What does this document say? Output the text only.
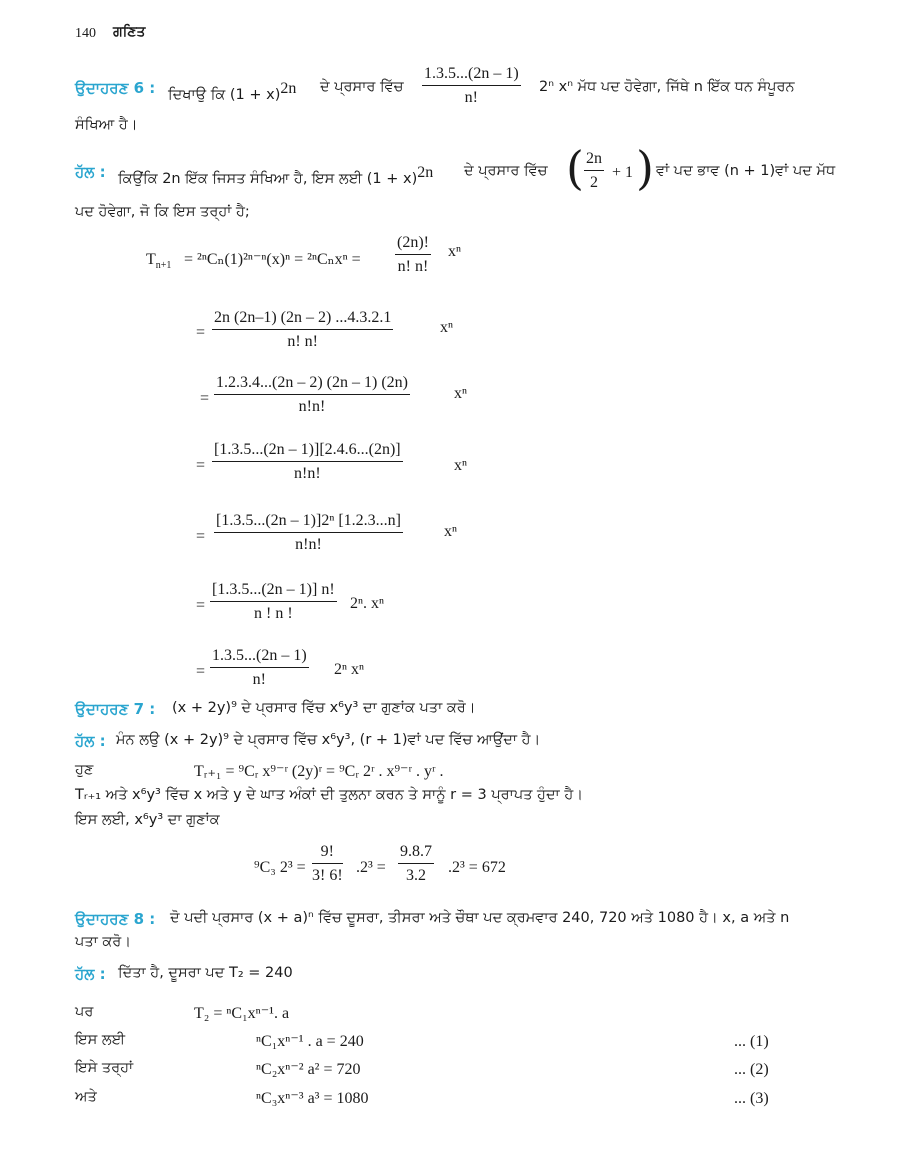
140 ਗਣਿਤ
ਉਦਾਹਰਣ 6 : ਦਿਖਾਉ ਕਿ $(1 + x)^{2n}$ ਦੇ ਪ੍ਰਸਾਰ ਵਿੱਚ $\frac{1.3.5...(2n - 1)}{n!} 2^n$ xⁿ ਮੱਧ ਪਦ ਹੋਵੇਗਾ, ਜਿੱਥੇ n ਇੱਕ ਧਨ ਸੰਪੂਰਨ
ਸੰਖਿਆ ਹੈ।
ਹੱਲ : ਕਿਉਂਕਿ 2n ਇੱਕ ਜਿਸਤ ਸੰਖਿਆ ਹੈ, ਇਸ ਲਈ $(1 + x)^{2n}$ ਦੇ ਪ੍ਰਸਾਰ ਵਿੱਚ ( $\frac{2n}{2} + 1$ ) ਵਾਂ ਪਦ ਭਾਵ (n + 1)ਵਾਂ ਪਦ ਮੱਧ
ਪਦ ਹੋਵੇਗਾ, ਜੋ ਕਿ ਇਸ ਤਰ੍ਹਾਂ ਹੈ;
$T_{n+1} = ^{2n}C_n(1)^{2n-n}(x)^n = ^{2n}C_nx^n = \frac{(2n)!}{n! n!}$ xⁿ
= $\frac{2n (2n-1) (2n - 2) ...4.3.2.1}{n! n!}$	xⁿ
= $\frac{1.2.3.4...(2n - 2) (2n - 1) (2n)}{n!n!}$	xⁿ
= $\frac{[1.3.5...(2n - 1)][2.4.6...(2n)]}{n!n!}$	xⁿ
= $\frac{\text{[1.3.5...(2n – 1)]2ⁿ [1.2.3...n]}}{n!n!}$	xⁿ
= $\frac{[1.3.5...(2n - 1)] n!}{n ! n !} 2^n$. xⁿ
= $\frac{1.3.5...(2n - 1)}{n!} 2^n$ xⁿ
ਉਦਾਹਰਣ 7 : (x + 2y)⁹ ਦੇ ਪ੍ਰਸਾਰ ਵਿੱਚ x⁶y³ ਦਾ ਗੁਣਾਂਕ ਪਤਾ ਕਰੋ।
ਹੱਲ : ਮੰਨ ਲਉ (x + 2y)⁹ ਦੇ ਪ੍ਰਸਾਰ ਵਿੱਚ x⁶y³, (r + 1)ਵਾਂ ਪਦ ਵਿੱਚ ਆਉਂਦਾ ਹੈ।
ਹੁਣ	Tᵣ₊₁ = ⁹Cᵣ x⁹⁻ʳ (2y)ʳ = ⁹Cᵣ 2ʳ . x⁹⁻ʳ . yʳ .
Tᵣ₊₁ ਅਤੇ x⁶y³ ਵਿੱਚ x ਅਤੇ y ਦੇ ਘਾਤ ਅੰਕਾਂ ਦੀ ਤੁਲਨਾ ਕਰਨ ਤੇ ਸਾਨੂੰ r = 3 ਪ੍ਰਾਪਤ ਹੁੰਦਾ ਹੈ।
ਇਸ ਲਈ, x⁶y³ ਦਾ ਗੁਣਾਂਕ
⁹C₃ $2^3 = \frac{9!}{3! 6!} .2^3 = \frac{9.8.7}{3.2} .2^3 = 672$
ਉਦਾਹਰਣ 8 : ਦੋ ਪਦੀ ਪ੍ਰਸਾਰ (x + a)ⁿ ਵਿੱਚ ਦੂਸਰਾ, ਤੀਸਰਾ ਅਤੇ ਚੌਥਾ ਪਦ ਕ੍ਰਮਵਾਰ 240, 720 ਅਤੇ 1080 ਹੈ। x, a ਅਤੇ n
ਪਤਾ ਕਰੋ।
ਹੱਲ : ਦਿੱਤਾ ਹੈ, ਦੂਸਰਾ ਪਦ T₂ = 240
ਪਰ	T₂ = ⁿC₁xⁿ⁻¹. a
ਇਸ ਲਈ	ⁿC₁xⁿ⁻¹ . a = 240	... (1)
ਇਸੇ ਤਰ੍ਹਾਂ	ⁿC₂xⁿ⁻² a² = 720	... (2)
ਅਤੇ	ⁿC₃xⁿ⁻³ a³ = 1080	... (3)
